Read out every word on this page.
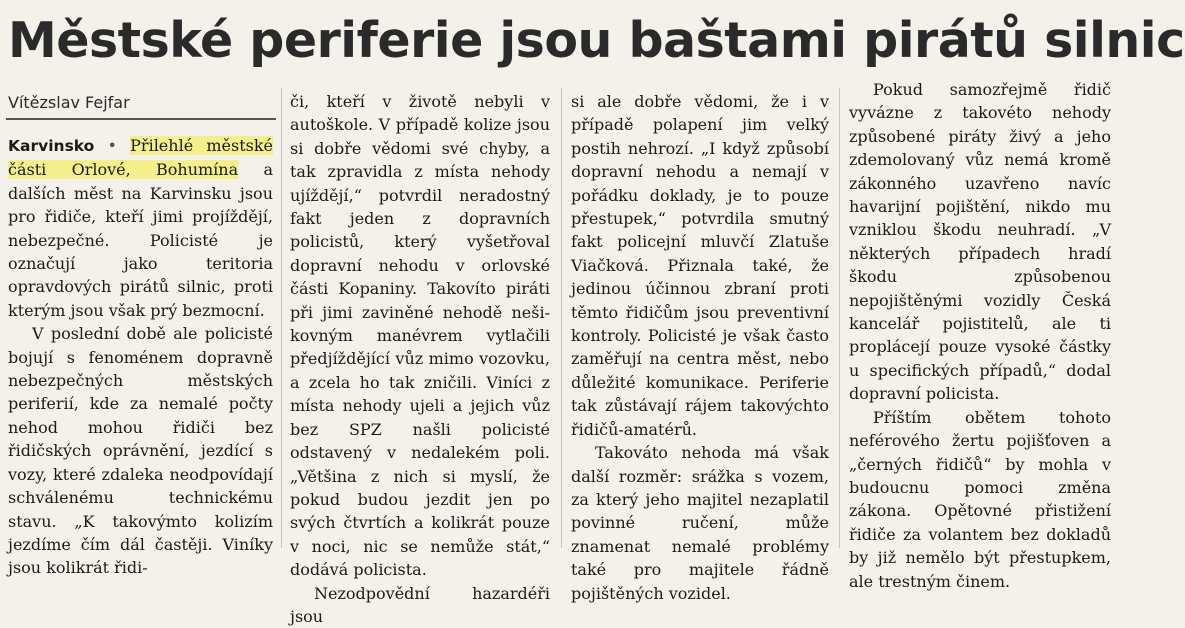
Městské periferie jsou baštami pirátů silnic
Vítězslav Fejfar

Karvinsko • Přilehlé městské části Orlové, Bohumína a dalších měst na Karvinsku jsou pro řidiče, kteří jimi projíždějí, nebezpečné. Policisté je označují jako teritoria opravdových pirátů silnic, proti kterým jsou však prý bezmocní.

V poslední době ale policisté bojují s fenoménem dopravně nebezpečných městských periferií, kde za nemalé počty nehod mohou řidiči bez řidičských oprávnění, jezdící s vozy, které zdaleka neodpovídají schválenému technickému stavu. „K takovýmto kolizím jezdíme čím dál častěji. Viníky jsou kolikrát řidi-

či, kteří v životě nebyli v autoškole. V případě kolize jsou si dobře vědomi své chyby, a tak zpravidla z místa nehody ujíždějí,“ potvrdil neradostný fakt jeden z dopravních policistů, který vyšetřoval dopravní nehodu v orlovské části Kopaniny. Takovíto piráti při jimi zaviněné nehodě neši- kovným manévrem vytlačili předjíždějící vůz mimo vozovku, a zcela ho tak zničili. Viníci z místa nehody ujeli a jejich vůz bez SPZ našli policisté odstavený v nedalekém poli. „Většina z nich si myslí, že pokud budou jezdit jen po svých čtvrtích a kolikrát pouze v noci, nic se nemůže stát,“ dodává policista.

Nezodpovědní hazardéři jsou

si ale dobře vědomi, že i v případě polapení jim velký postih nehrozí. „I když způsobí dopravní nehodu a nemají v pořádku doklady, je to pouze přestupek,“ potvrdila smutný fakt policejní mluvčí Zlatuše Viačková. Přiznala také, že jedinou účinnou zbraní proti těmto řidičům jsou preventivní kontroly. Policisté je však často zaměřují na centra měst, nebo důležité komunikace. Periferie tak zůstávají rájem takovýchto řidičů-amatérů.

Takováto nehoda má však další rozměr: srážka s vozem, za který jeho majitel nezaplatil povinné ručení, může znamenat nemalé problémy také pro majitele řádně pojištěných vozidel.

Pokud samozřejmě řidič vyvázne z takovéto nehody způsobené piráty živý a jeho zdemolovaný vůz nemá kromě zákonného uzavřeno navíc havarijní pojištění, nikdo mu vzniklou škodu neuhradí. „V některých případech hradí škodu způsobenou nepojištěnými vozidly Česká kancelář pojistitelů, ale ti proplácejí pouze vysoké částky u specifických případů,“ dodal dopravní policista.

Příštím obětem tohoto neférového žertu pojišťoven a „černých řidičů“ by mohla v budoucnu pomoci změna zákona. Opětovné přistižení řidiče za volantem bez dokladů by již nemělo být přestupkem, ale trestným činem.
